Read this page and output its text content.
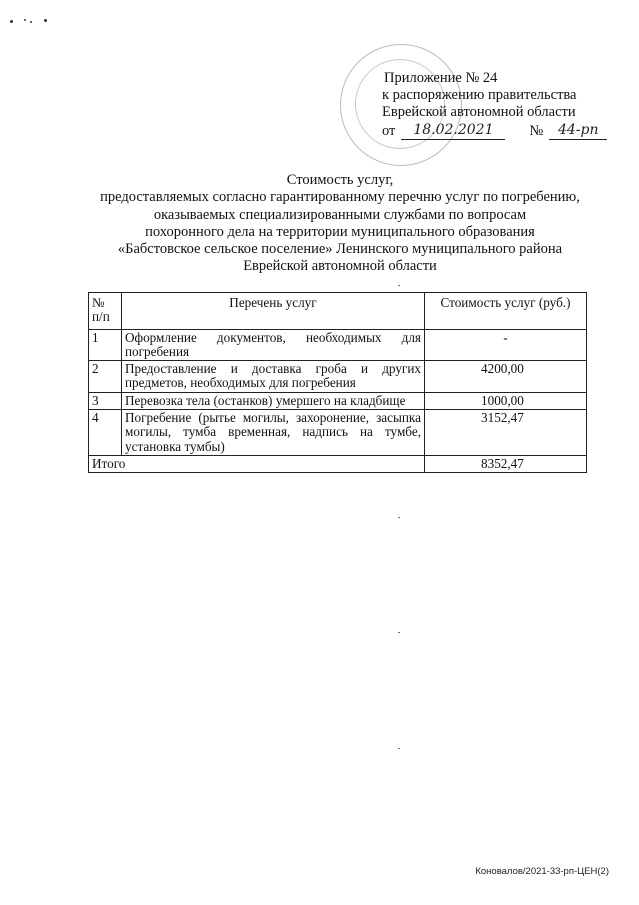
Приложение № 24
к распоряжению правительства
Еврейской автономной области
от	18.02.2021	№	44-рп
Стоимость услуг,
предоставляемых согласно гарантированному перечню услуг по погребению,
оказываемых специализированными службами по вопросам
похоронного дела на территории муниципального образования
«Бабстовское сельское поселение» Ленинского муниципального района
Еврейской автономной области
№ п/п	Перечень услуг	Стоимость услуг (руб.)
1	Оформление документов, необходимых для погребения	-
2	Предоставление и доставка гроба и других предметов, необходимых для погребения	4200,00
3	Перевозка тела (останков) умершего на кладбище	1000,00
4	Погребение (рытье могилы, захоронение, засыпка могилы, тумба временная, надпись на тумбе, установка тумбы)	3152,47
Итого		8352,47
Коновалов/2021-33-рп-ЦЕН(2)
